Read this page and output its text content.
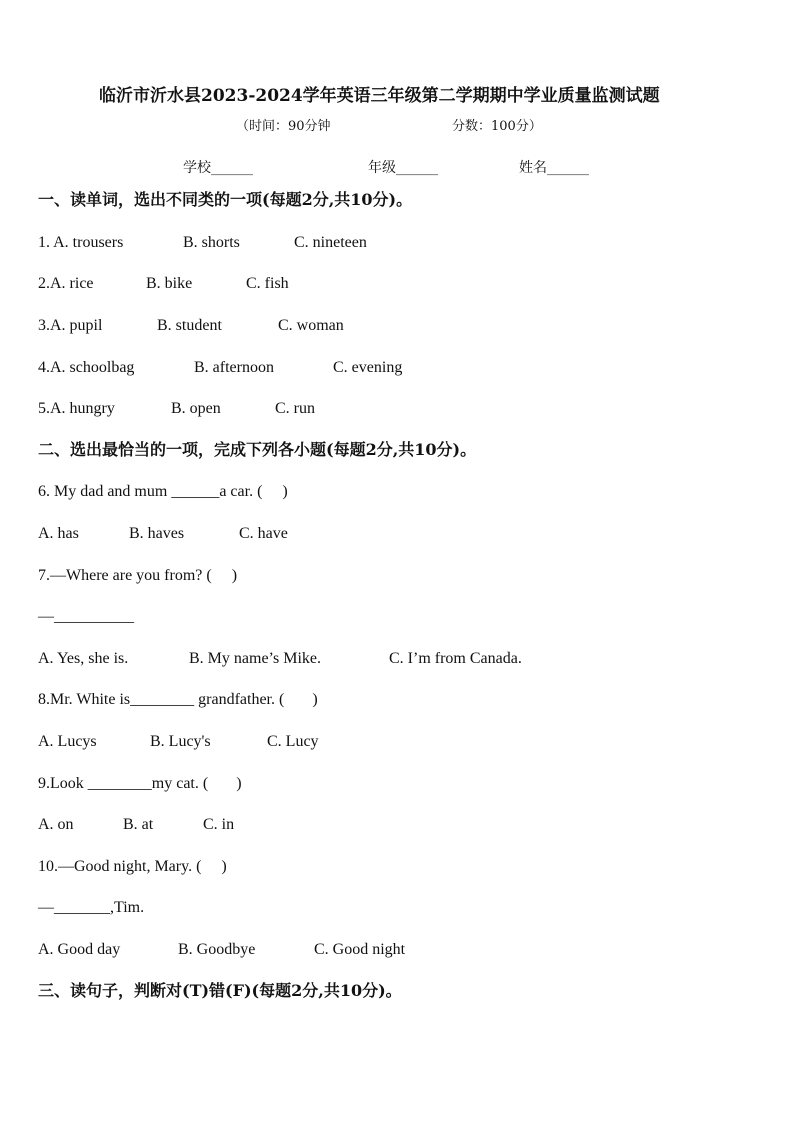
临沂市沂水县2023-2024学年英语三年级第二学期期中学业质量监测试题
（时间：90分钟	分数：100分）
学校______	年级______	姓名______
一、读单词，选出不同类的一项(每题2分,共10分)。
1. A. trousers	B. shorts	C. nineteen
2.A. rice	B. bike	C. fish
3.A. pupil	B. student	C. woman
4.A. schoolbag	B. afternoon	C. evening
5.A. hungry	B. open	C. run
二、选出最恰当的一项，完成下列各小题(每题2分,共10分)。
6. My dad and mum ______a car. (     )
A. has	B. haves	C. have
7.—Where are you from? (     )
—__________
A. Yes, she is.	B. My name’s Mike.	C. I’m from Canada.
8.Mr. White is________ grandfather. (       )
A. Lucys	B. Lucy's	C. Lucy
9.Look ________my cat. (       )
A. on	B. at	C. in
10.—Good night, Mary. (     )
—_______,Tim.
A. Good day	B. Goodbye	C. Good night
三、读句子，判断对(T)错(F)(每题2分,共10分)。
